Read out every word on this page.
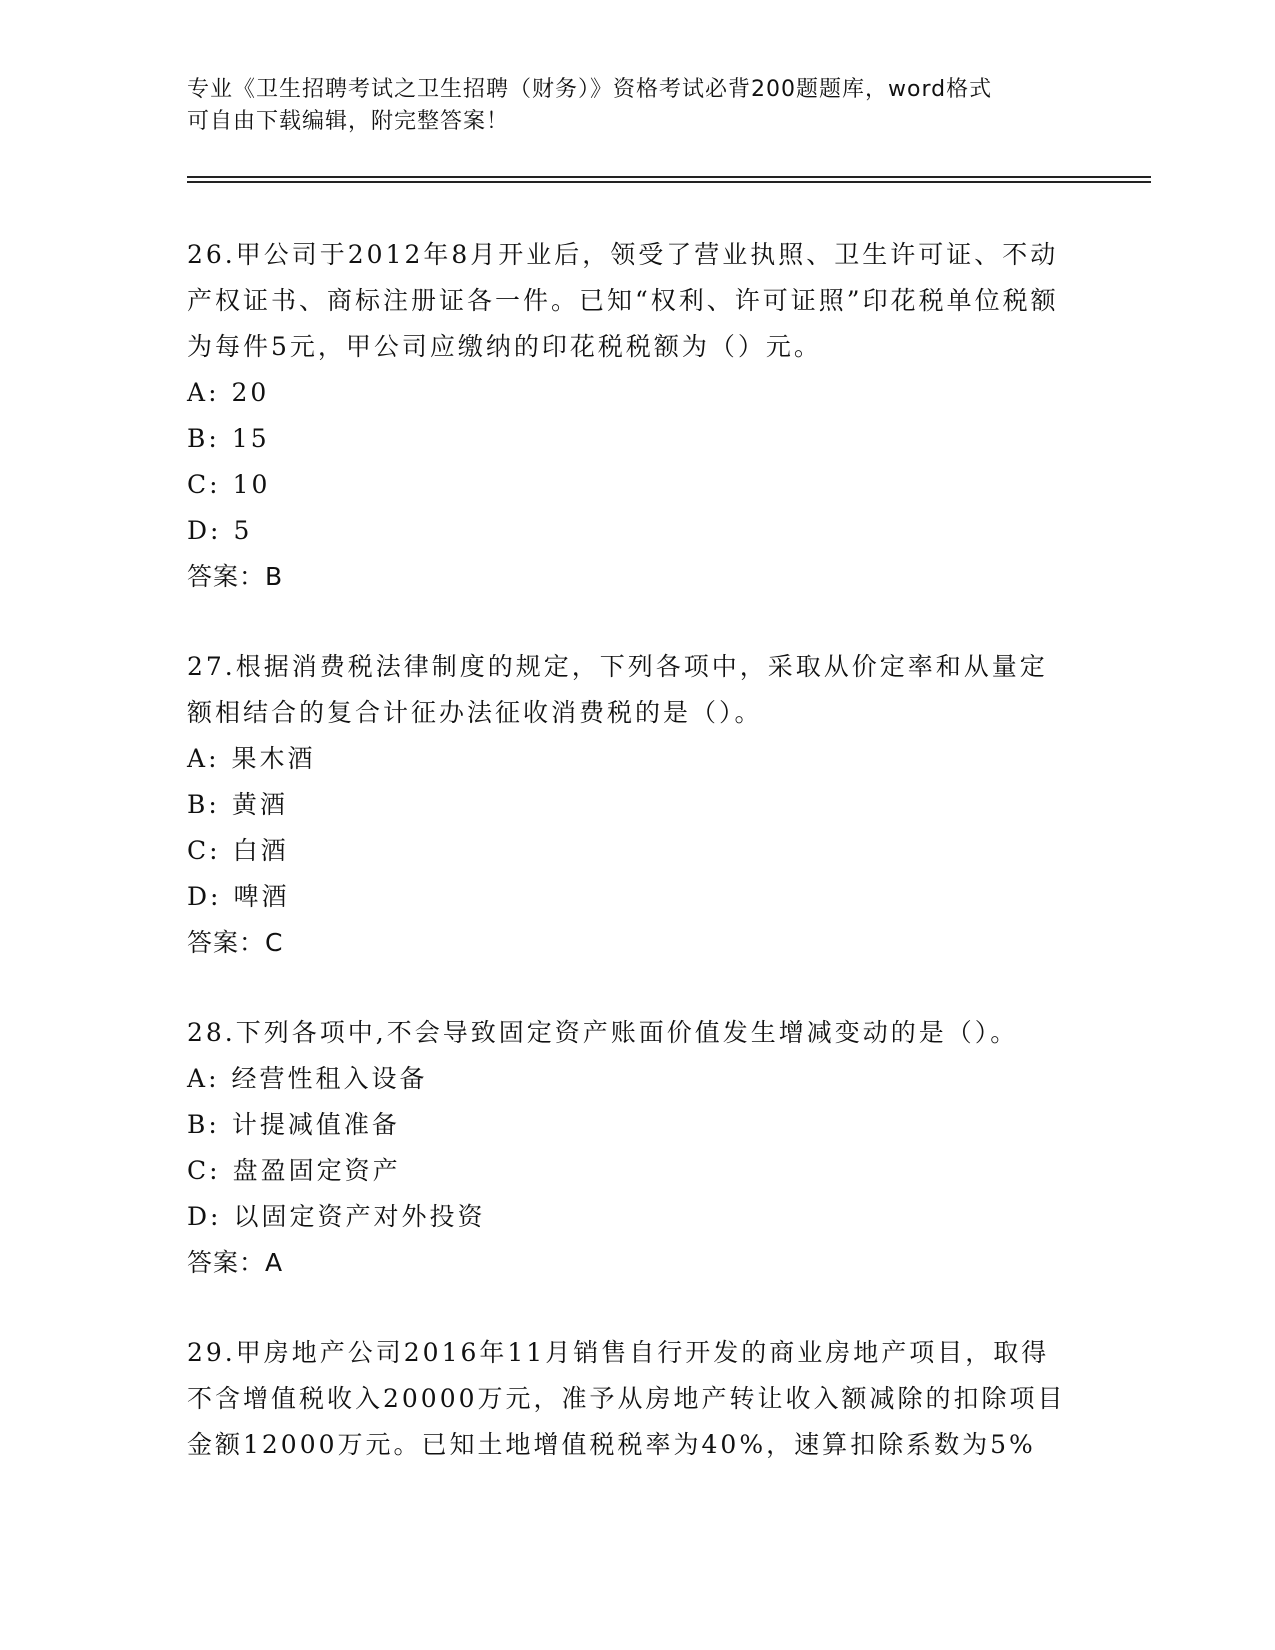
专业《卫生招聘考试之卫生招聘（财务）》资格考试必背200题题库，word格式
可自由下载编辑，附完整答案！

26.甲公司于2012年8月开业后，领受了营业执照、卫生许可证、不动产权证书、商标注册证各一件。已知“权利、许可证照”印花税单位税额为每件5元，甲公司应缴纳的印花税税额为（）元。

A : 20
B : 15
C : 10
D : 5

答案：B

27.根据消费税法律制度的规定，下列各项中，采取从价定率和从量定额相结合的复合计征办法征收消费税的是（）。

A : 果木酒
B : 黄酒
C : 白酒
D : 啤酒

答案：C

28.下列各项中,不会导致固定资产账面价值发生增减变动的是（）。

A : 经营性租入设备
B : 计提减值准备
C : 盘盈固定资产
D : 以固定资产对外投资

答案：A

29.甲房地产公司2016年11月销售自行开发的商业房地产项目，取得不含增值税收入20000万元，准予从房地产转让收入额减除的扣除项目金额12000万元。已知土地增值税税率为40%，速算扣除系数为5%
